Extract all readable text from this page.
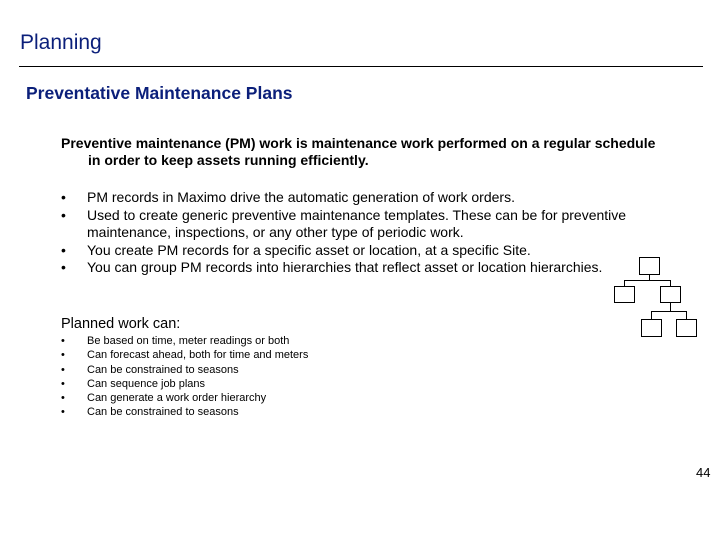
Planning
Preventative Maintenance Plans

Preventive maintenance (PM) work is maintenance work performed on a regular schedule in order to keep assets running efficiently.

• PM records in Maximo drive the automatic generation of work orders.
• Used to create generic preventive maintenance templates. These can be for preventive maintenance, inspections, or any other type of periodic work.
• You create PM records for a specific asset or location, at a specific Site.
• You can group PM records into hierarchies that reflect asset or location hierarchies.

Planned work can:

• Be based on time, meter readings or both
• Can forecast ahead, both for time and meters
• Can be constrained to seasons
• Can sequence job plans
• Can generate a work order hierarchy
• Can be constrained to seasons
44
